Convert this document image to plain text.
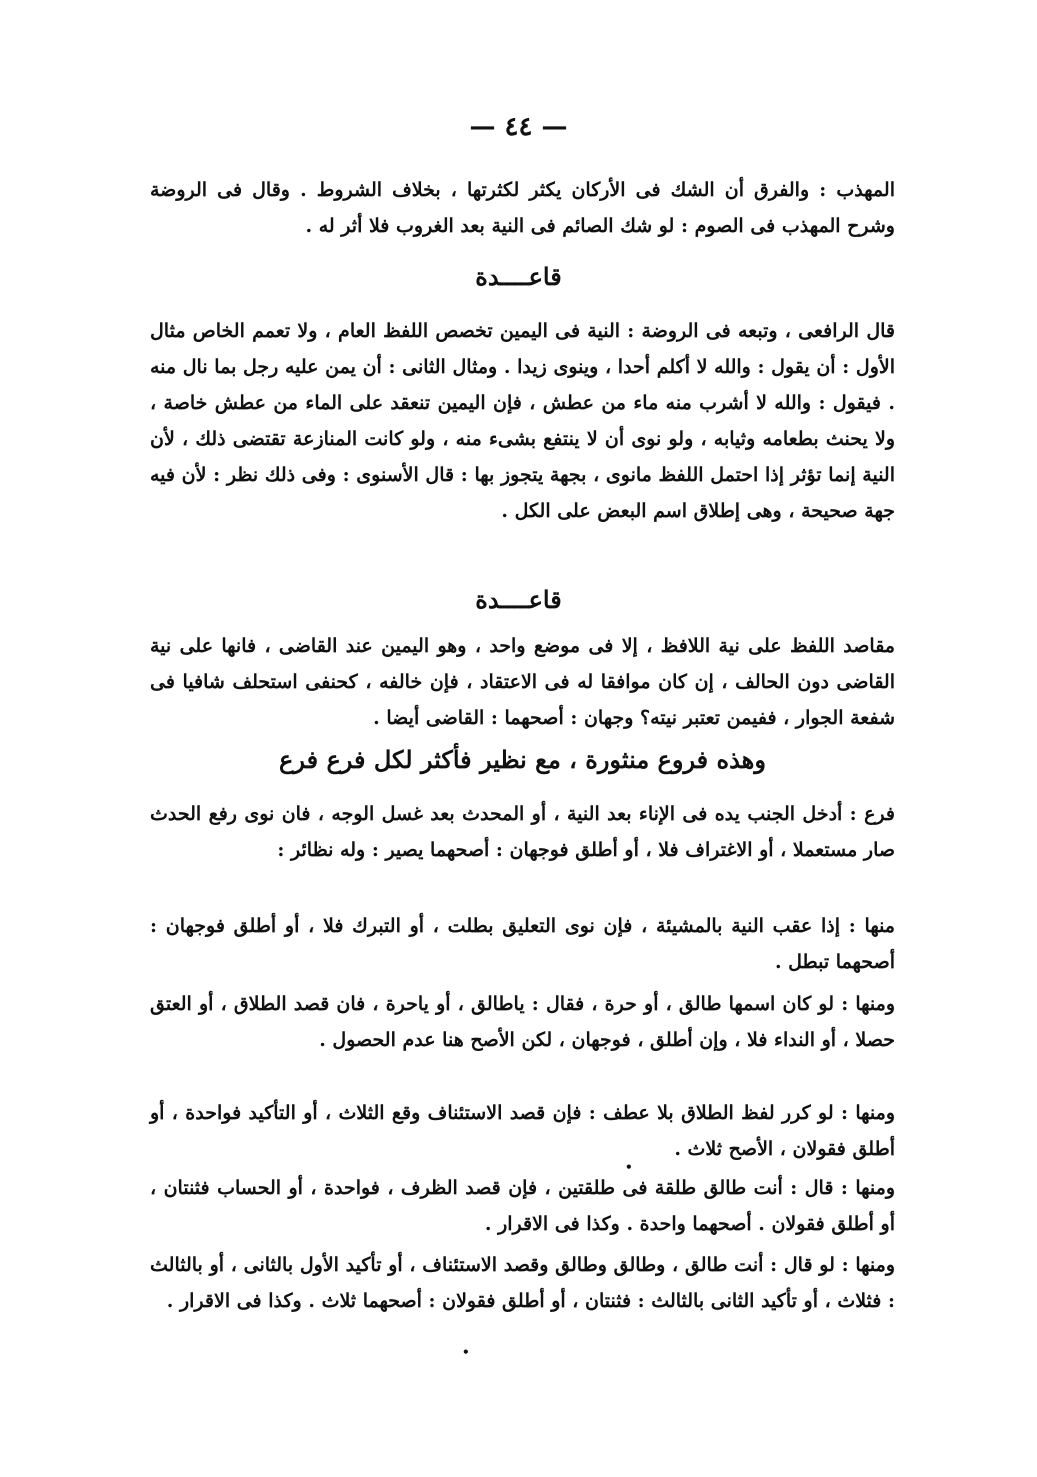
— ٤٤ —
المهذب : والفرق أن الشك فى الأركان يكثر لكثرتها ، بخلاف الشروط . وقال فى الروضة وشرح المهذب فى الصوم : لو شك الصائم فى النية بعد الغروب فلا أثر له .
قاعــــدة
قال الرافعى ، وتبعه فى الروضة : النية فى اليمين تخصص اللفظ العام ، ولا تعمم الخاص مثال الأول : أن يقول : والله لا أكلم أحدا ، وينوى زيدا . ومثال الثانى : أن يمن عليه رجل بما نال منه . فيقول : والله لا أشرب منه ماء من عطش ، فإن اليمين تنعقد على الماء من عطش خاصة ، ولا يحنث بطعامه وثيابه ، ولو نوى أن لا ينتفع بشىء منه ، ولو كانت المنازعة تقتضى ذلك ، لأن النية إنما تؤثر إذا احتمل اللفظ مانوى ، بجهة يتجوز بها : قال الأسنوى : وفى ذلك نظر : لأن فيه جهة صحيحة ، وهى إطلاق اسم البعض على الكل .
قاعــــدة
مقاصد اللفظ على نية اللافظ ، إلا فى موضع واحد ، وهو اليمين عند القاضى ، فانها على نية القاضى دون الحالف ، إن كان موافقا له فى الاعتقاد ، فإن خالفه ، كحنفى استحلف شافيا فى شفعة الجوار ، ففيمن تعتبر نيته؟ وجهان : أصحهما : القاضى أيضا .
وهذه فروع منثورة ، مع نظير فأكثر لكل فرع فرع
فرع : أدخل الجنب يده فى الإناء بعد النية ، أو المحدث بعد غسل الوجه ، فان نوى رفع الحدث صار مستعملا ، أو الاغتراف فلا ، أو أطلق فوجهان : أصحهما يصير : وله نظائر :
منها : إذا عقب النية بالمشيئة ، فإن نوى التعليق بطلت ، أو التبرك فلا ، أو أطلق فوجهان : أصحهما تبطل .
ومنها : لو كان اسمها طالق ، أو حرة ، فقال : ياطالق ، أو ياحرة ، فان قصد الطلاق ، أو العتق حصلا ، أو النداء فلا ، وإن أطلق ، فوجهان ، لكن الأصح هنا عدم الحصول .
ومنها : لو كرر لفظ الطلاق بلا عطف : فإن قصد الاستئناف وقع الثلاث ، أو التأكيد فواحدة ، أو أطلق فقولان ، الأصح ثلاث .
ومنها : قال : أنت طالق طلقة فى طلقتين ، فإن قصد الظرف ، فواحدة ، أو الحساب فثنتان ، أو أطلق فقولان . أصحهما واحدة . وكذا فى الاقرار .
ومنها : لو قال : أنت طالق ، وطالق وطالق وقصد الاستئناف ، أو تأكيد الأول بالثانى ، أو بالثالث : فثلاث ، أو تأكيد الثانى بالثالث : فثنتان ، أو أطلق فقولان : أصحهما ثلاث . وكذا فى الاقرار .
•
•
